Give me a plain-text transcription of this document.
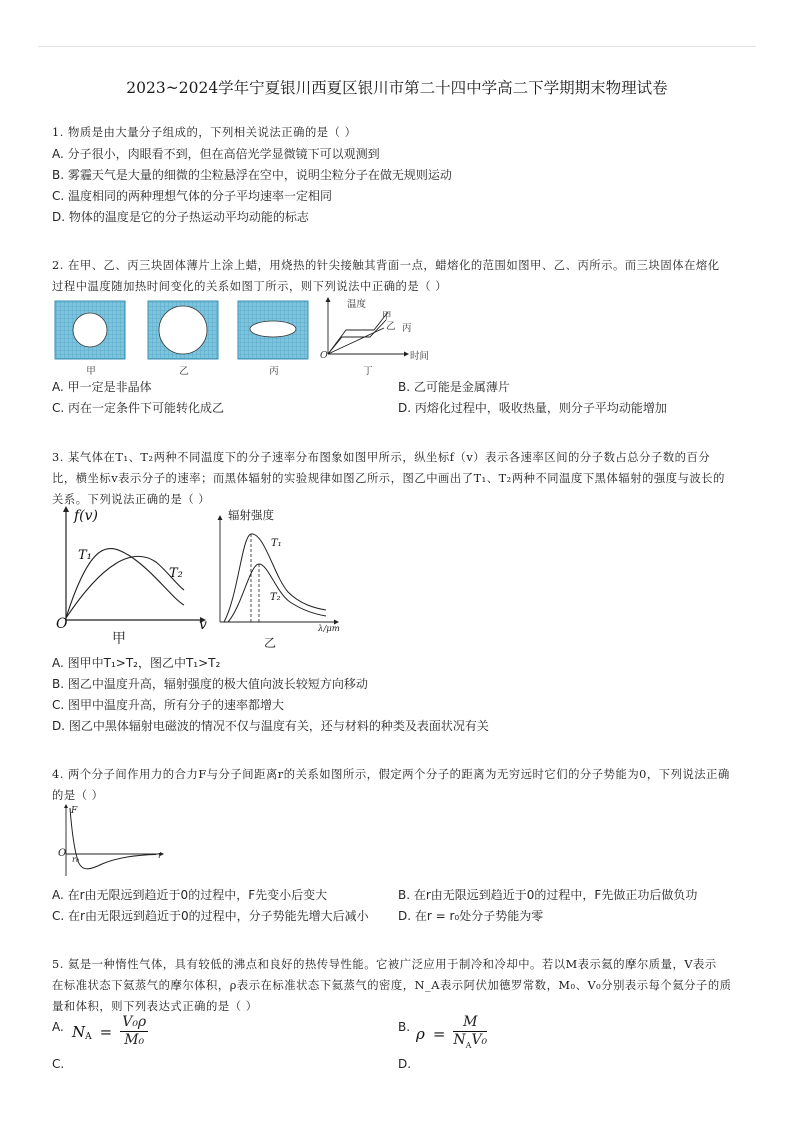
2023~2024学年宁夏银川西夏区银川市第二十四中学高二下学期期末物理试卷
1. 物质是由大量分子组成的，下列相关说法正确的是（ ）
A. 分子很小，肉眼看不到，但在高倍光学显微镜下可以观测到
B. 雾霾天气是大量的细微的尘粒悬浮在空中，说明尘粒分子在做无规则运动
C. 温度相同的两种理想气体的分子平均速率一定相同
D. 物体的温度是它的分子热运动平均动能的标志
2. 在甲、乙、丙三块固体薄片上涂上蜡，用烧热的针尖接触其背面一点，蜡熔化的范围如图甲、乙、丙所示。而三块固体在熔化
过程中温度随加热时间变化的关系如图丁所示，则下列说法中正确的是（ ）
温度
时间
O
甲
乙 丙
甲	乙	丙	丁
A. 甲一定是非晶体	B. 乙可能是金属薄片
C. 丙在一定条件下可能转化成乙	D. 丙熔化过程中，吸收热量，则分子平均动能增加
3. 某气体在T₁、T₂两种不同温度下的分子速率分布图象如图甲所示，纵坐标f（v）表示各速率区间的分子数占总分子数的百分
比，横坐标v表示分子的速率；而黑体辐射的实验规律如图乙所示，图乙中画出了T₁、T₂两种不同温度下黑体辐射的强度与波长的
关系。下列说法正确的是（ ）
f(v)
T₁
T₂
O	v
甲
辐射强度
T₁
T₂
λ/μm
乙
A. 图甲中T₁>T₂，图乙中T₁>T₂
B. 图乙中温度升高，辐射强度的极大值向波长较短方向移动
C. 图甲中温度升高，所有分子的速率都增大
D. 图乙中黑体辐射电磁波的情况不仅与温度有关，还与材料的种类及表面状况有关
4. 两个分子间作用力的合力F与分子间距离r的关系如图所示，假定两个分子的距离为无穷远时它们的分子势能为0，下列说法正确
的是（ ）
F
O
r₀	r
A. 在r由无限远到趋近于0的过程中，F先变小后变大	B. 在r由无限远到趋近于0的过程中，F先做正功后做负功
C. 在r由无限远到趋近于0的过程中，分子势能先增大后减小 D. 在r = r₀处分子势能为零
5. 氦是一种惰性气体，具有较低的沸点和良好的热传导性能。它被广泛应用于制冷和冷却中。若以M表示氦的摩尔质量，V表示
在标准状态下氦蒸气的摩尔体积，ρ表示在标准状态下氦蒸气的密度，N_A表示阿伏加德罗常数，M₀、V₀分别表示每个氦分子的质
量和体积，则下列表达式正确的是（ ）
A. $N_A = \frac{\text{V₀ρ}}{\text{M₀}}$	B. $\rho = \frac{M}{N_AV_0}$
C.	D.
